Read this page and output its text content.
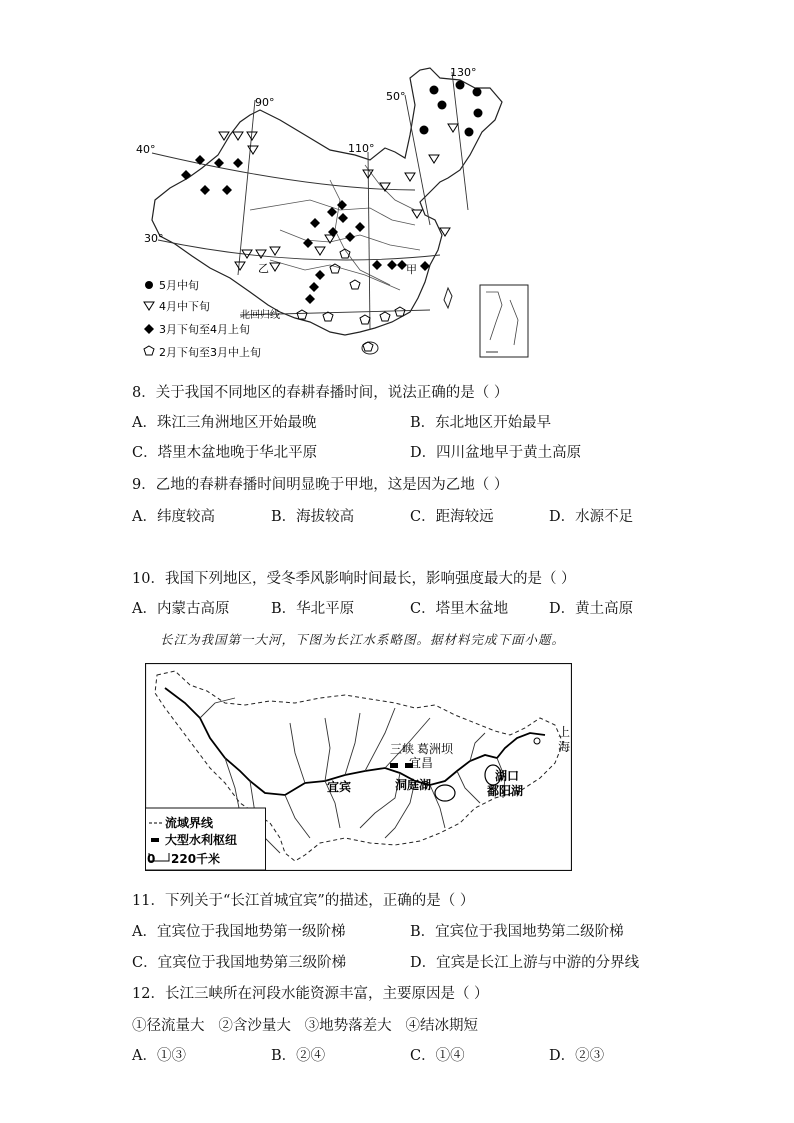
90°
110°
130°
40°
30°
50°
甲
乙
北回归线
5月中旬
4月中下旬
3月下旬至4月上旬
2月下旬至3月中上旬
8．关于我国不同地区的春耕春播时间，说法正确的是（ ）
A．珠江三角洲地区开始最晚	B．东北地区开始最早
C．塔里木盆地晚于华北平原	D．四川盆地早于黄土高原
9．乙地的春耕春播时间明显晚于甲地，这是因为乙地（ ）
A．纬度较高	B．海拔较高	C．距海较远	D．水源不足
10．我国下列地区，受冬季风影响时间最长，影响强度最大的是（ ）
A．内蒙古高原	B．华北平原	C．塔里木盆地	D．黄土高原
长江为我国第一大河，下图为长江水系略图。据材料完成下面小题。
三峡 葛洲坝
宜昌
宜宾	洞庭湖
湖口
鄱阳湖
上
海
流域界线
大型水利枢纽
0 220千米
11．下列关于“长江首城宜宾”的描述，正确的是（ ）
A．宜宾位于我国地势第一级阶梯	B．宜宾位于我国地势第二级阶梯
C．宜宾位于我国地势第三级阶梯	D．宜宾是长江上游与中游的分界线
12．长江三峡所在河段水能资源丰富，主要原因是（ ）
①径流量大   ②含沙量大   ③地势落差大   ④结冰期短
A．①③	B．②④	C．①④	D．②③
